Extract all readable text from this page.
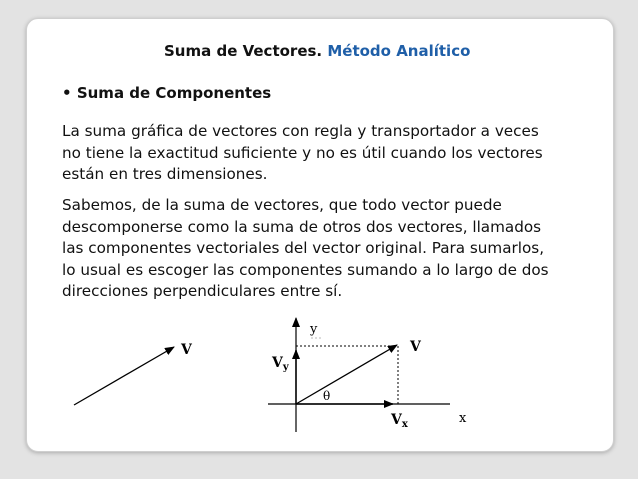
Suma de Vectores. Método Analítico
• Suma de Componentes

La suma gráfica de vectores con regla y transportador a veces
no tiene la exactitud suficiente y no es útil cuando los vectores
están en tres dimensiones.

Sabemos, de la suma de vectores, que todo vector puede
descomponerse como la suma de otros dos vectores, llamados
las componentes vectoriales del vector original. Para sumarlos,
lo usual es escoger las componentes sumando a lo largo de dos
direcciones perpendiculares entre sí.

V
y
x
V
$V_x$
$V_y$
θ
